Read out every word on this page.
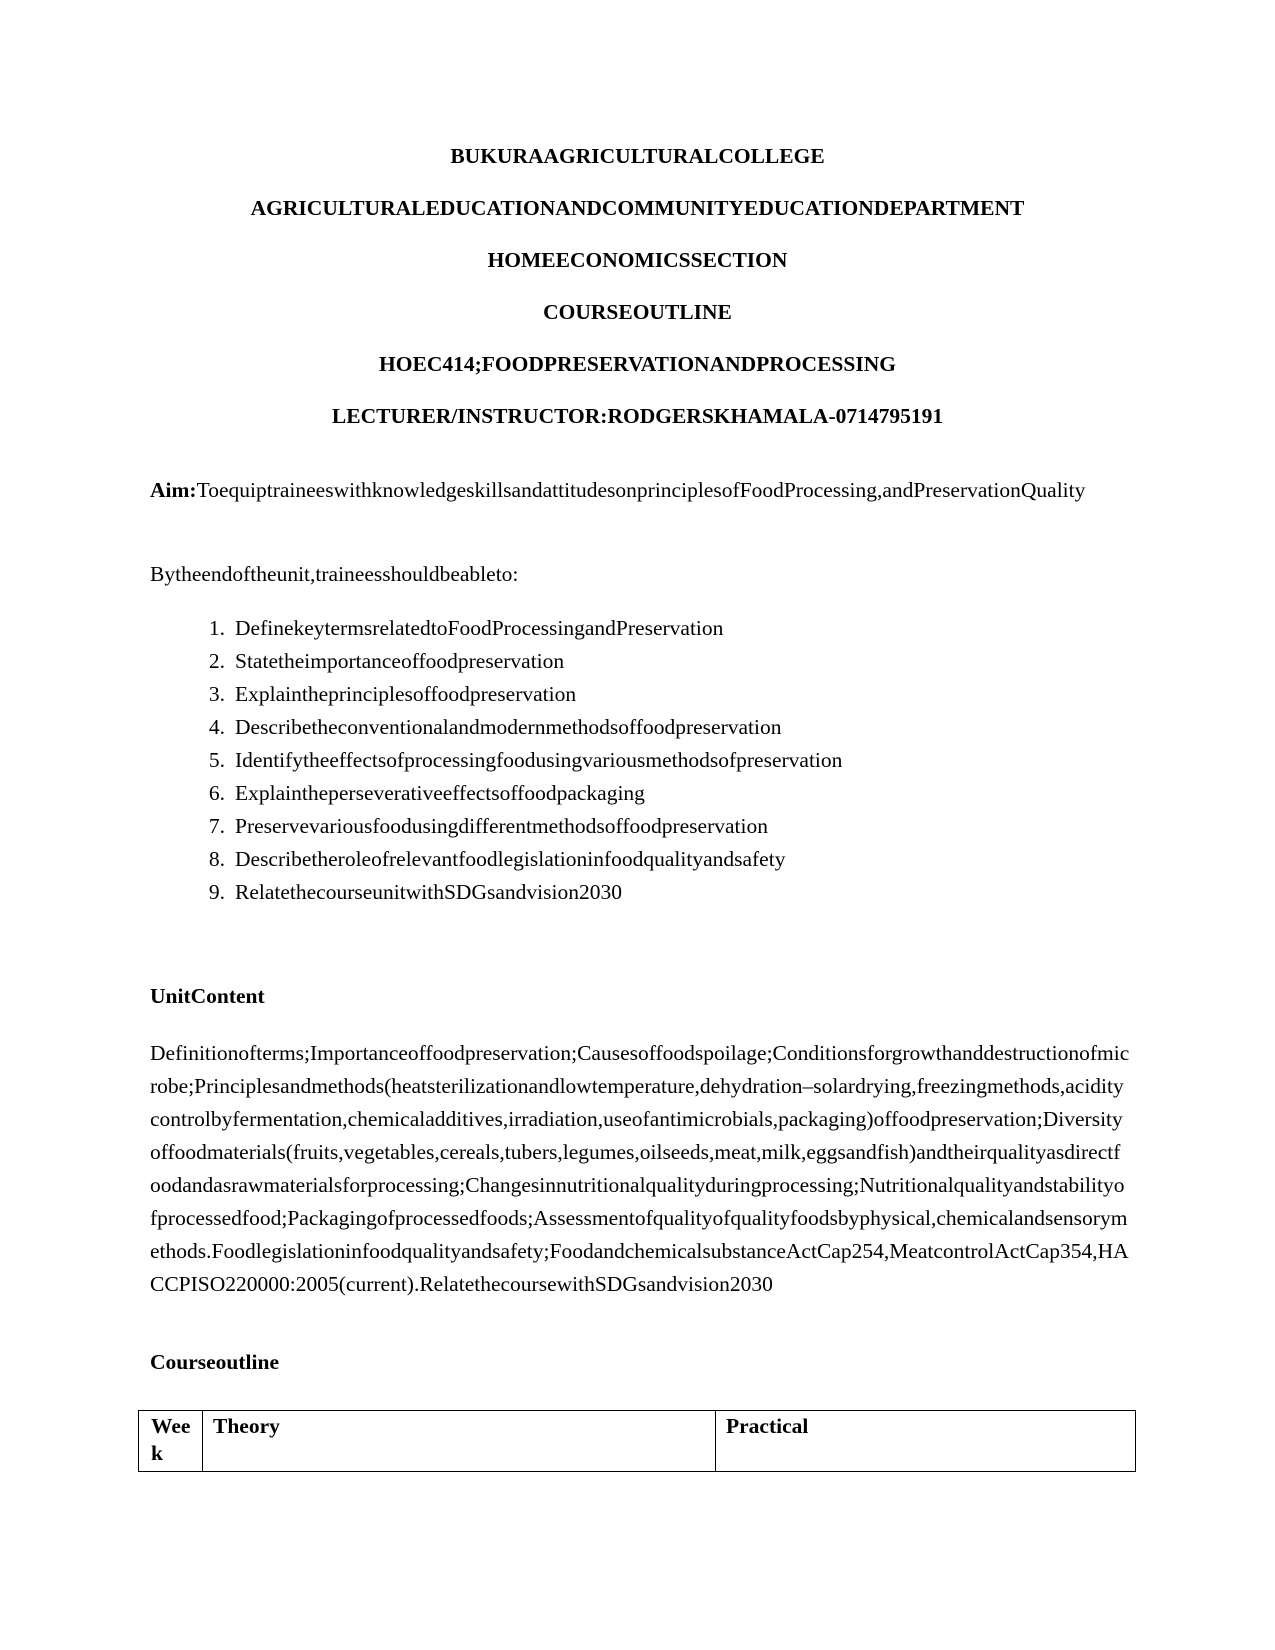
BUKURAAGRICULTURALCOLLEGE
AGRICULTURALEDUCATIONANDCOMMUNITYEDUCATIONDEPARTMENT
HOMEECONOMICSSECTION
COURSEOUTLINE
HOEC414;FOODPRESERVATIONANDPROCESSING
LECTURER/INSTRUCTOR:RODGERSKHAMALA-0714795191
Aim:ToequiptraineeswithknowledgeskillsandattitudesonprinciplesofFoodProcessing,andPreservationQuality
Bytheendoftheunit,traineesshouldbeableto:
1. DefinekeytermsrelatedtoFoodProcessingandPreservation
2. Statetheimportanceoffoodpreservation
3. Explaintheprinciplesoffoodpreservation
4. Describetheconventionalandmodernmethodsoffoodpreservation
5. Identifytheeffectsofprocessingfoodusingvariousmethodsofpreservation
6. Explaintheperseverativeeffectsoffoodpackaging
7. Preservevariousfoodusingdifferentmethodsoffoodpreservation
8. Describetheroleofrelevantfoodlegislationinfoodqualityandsafety
9. RelatethecourseunitwithSDGsandvision2030
UnitContent
Definitionofterms;Importanceoffoodpreservation;Causesoffoodspoilage;Conditionsforgrowthanddestructionofmicrobe;Principlesandmethods(heatsterilizationandlowtemperature,dehydration–solardrying,freezingmethods,aciditycontrolbyfermentation,chemicaladditives,irradiation,useofantimicrobials,packaging)offoodpreservation;Diversityoffoodmaterials(fruits,vegetables,cereals,tubers,legumes,oilseeds,meat,milk,eggsandfish)andtheirqualityasdirectfoodandasrawmaterialsforprocessing;Changesinnutritionalqualityduringprocessing;Nutritionalqualityandstabilityofprocessedfood;Packagingofprocessedfoods;Assessmentofqualityofqualityfoodsbyphysical,chemicalandsensorymethods.Foodlegislationinfoodqualityandsafety;FoodandchemicalsubstanceActCap254,MeatcontrolActCap354,HACCPISO220000:2005(current).RelatethecoursewithSDGsandvision2030
Courseoutline
Week	Theory	Practical
